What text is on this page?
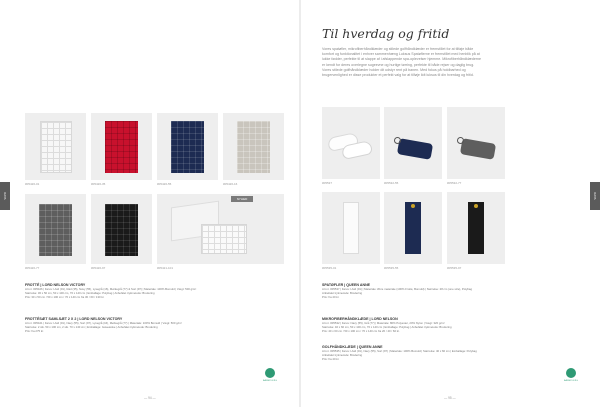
KATA
#05426-01	#05426-35	#05426-55	#05426-16
#05426-77	#05426-97	#05421-101
NYHED
FROTTÉ | LORD NELSON VICTORY
Art.nr. #05426 | Farve: Hvid (01), Rød (35), Navy (55), Lysegrå (16), Mørkegrå (77) & Sort (97) | Materiale: 100% Bomuld | Vægt: 500 g/m²
Størrelse: 30 x 50 cm, 50 x 100 cm, 70 x 140 cm | Emballage: Polybag | Anbefalet trykmetode: Brodering
Pris: 30 x 50 cm / 50 x 100 cm / 70 x 140 cm fra 30 / 60 / 130 kr.
FROTTÉSÆT SAMLSÆT 2 X 2 | LORD NELSON VICTORY
Art.nr. #05421 | Farve: Hvid (01), Navy (55), Sort (97), Lysegrå (16), Mørkegrå (77) | Materiale: 100% Bomuld | Vægt: 500 g/m²
Størrelse: 2 stk. 50 x 100 cm, 2 stk. 70 x 140 cm | Emballage: Gaveæske | Anbefalet trykmetode: Brodering
Pris: fra 275 kr.
BÆREDYGTIG
— 94 —
KATA
Til hverdag og fritid
Vores spatøfler, mikrofiberhåndklæder og stilede golfhåndklæder er fremstillet for at tilføje både komfort og funktionalitet i enhver sammenhæng Luksus Spatøflerne er fremstillet med henblik på at lukke fødder, perfekte til at slappe af i afslappende spa-oplevelser hjemme. Mikrofiberhåndklæderne er kendt for deres overlegne sugeevne og hurtige tørring, perfekte til både rejser og daglig brug. Vores stilede golfhåndklæder holder dit udstyr rent på banen. Med fokus på holdbarhed og brugervenlighed er disse produkter et perfekt valg for at tilføje lidt luksus til din hverdag og fritid.
#05537	#05532-55	#05532-77
#05535-01	#05535-55	#05535-97
SPATØFLER | QUEEN ANNE
Art.nr. #05537 | Farve: Hvid (01) | Materiale: Øvre materiale (100% Frotté, Bomuld) | Størrelse: 28 cm (one size), Polybag
Anbefalet trykmetode: Brodering
Pris: fra 40 kr.
MIKROFIBERHÅNDKLÆDE | LORD NELSON
Art.nr. #05532 | Farve: Navy (55), Grå (77) | Materiale: 80% Polyester, 20% Nylon | Vægt: 320 g/m²
Størrelse: 40 x 60 cm, 50 x 100 cm, 70 x 140 cm | Emballage: Polybag | Anbefalet trykmetode: Brodering
Pris: 40 x 60 cm / 50 x 100 cm / 70 x 140 cm fra 20 / 40 / 60 kr.
GOLFHÅNDKLÆDE | QUEEN ANNE
Art.nr. #05535 | Farve: Hvid (01), Navy (55), Sort (97) | Materiale: 100% Bomuld | Størrelse: 40 x 60 cm | Emballage: Polybag
Anbefalet trykmetode: Brodering
Pris: fra 40 kr.
BÆREDYGTIG
— 95 —
